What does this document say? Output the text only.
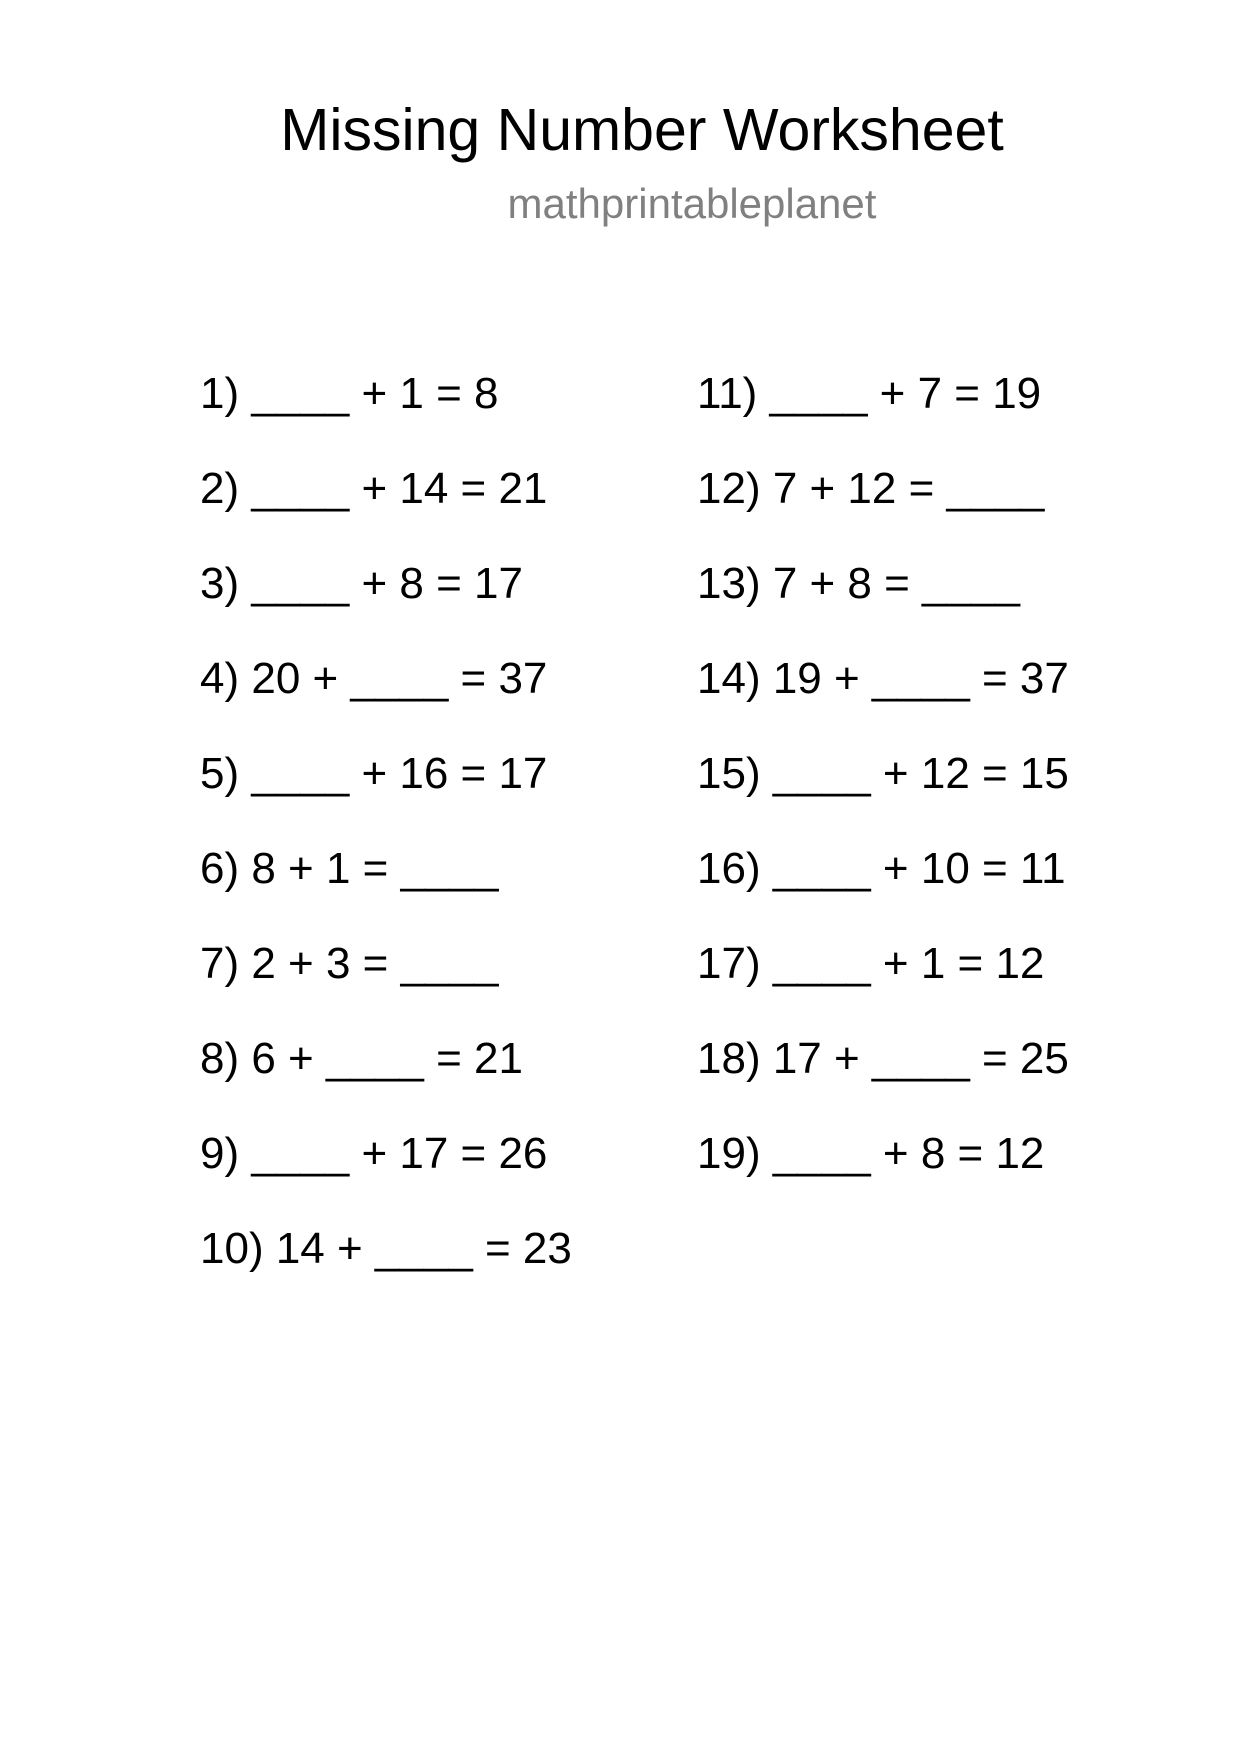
Missing Number Worksheet
mathprintableplanet
1) ____ + 1 = 8
2) ____ + 14 = 21
3) ____ + 8 = 17
4) 20 + ____ = 37
5) ____ + 16 = 17
6) 8 + 1 = ____
7) 2 + 3 = ____
8) 6 + ____ = 21
9) ____ + 17 = 26
10) 14 + ____ = 23
11) ____ + 7 = 19
12) 7 + 12 = ____
13) 7 + 8 = ____
14) 19 + ____ = 37
15) ____ + 12 = 15
16) ____ + 10 = 11
17) ____ + 1 = 12
18) 17 + ____ = 25
19) ____ + 8 = 12
